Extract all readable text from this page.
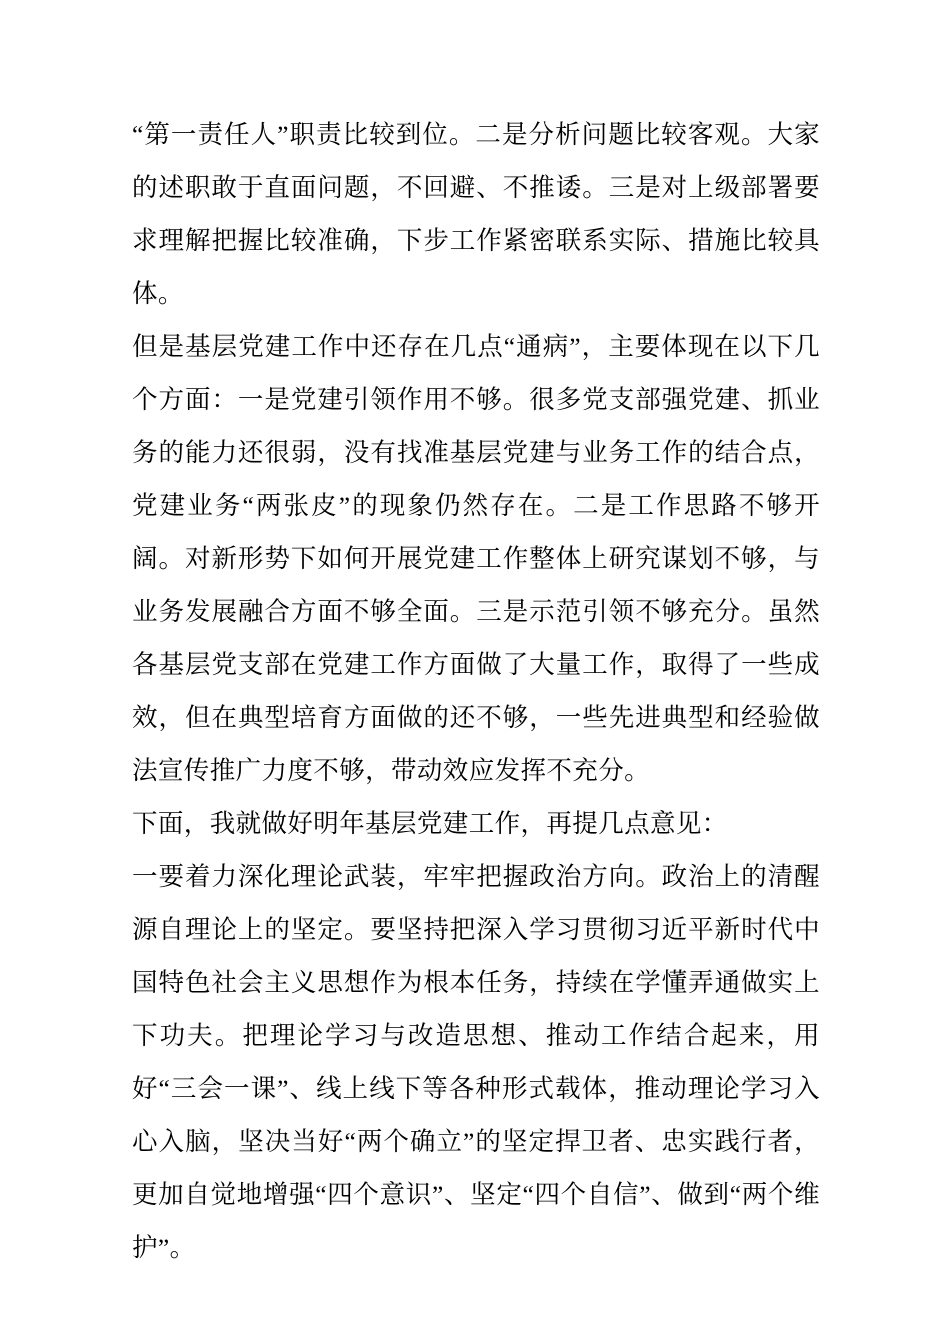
“第一责任人”职责比较到位。二是分析问题比较客观。大家的述职敢于直面问题，不回避、不推诿。三是对上级部署要求理解把握比较准确，下步工作紧密联系实际、措施比较具体。

但是基层党建工作中还存在几点“通病”，主要体现在以下几个方面：一是党建引领作用不够。很多党支部强党建、抓业务的能力还很弱，没有找准基层党建与业务工作的结合点，党建业务“两张皮”的现象仍然存在。二是工作思路不够开阔。对新形势下如何开展党建工作整体上研究谋划不够，与业务发展融合方面不够全面。三是示范引领不够充分。虽然各基层党支部在党建工作方面做了大量工作，取得了一些成效，但在典型培育方面做的还不够，一些先进典型和经验做法宣传推广力度不够，带动效应发挥不充分。

下面，我就做好明年基层党建工作，再提几点意见：

一要着力深化理论武装，牢牢把握政治方向。政治上的清醒源自理论上的坚定。要坚持把深入学习贯彻习近平新时代中国特色社会主义思想作为根本任务，持续在学懂弄通做实上下功夫。把理论学习与改造思想、推动工作结合起来，用好“三会一课”、线上线下等各种形式载体，推动理论学习入心入脑，坚决当好“两个确立”的坚定捍卫者、忠实践行者，更加自觉地增强“四个意识”、坚定“四个自信”、做到“两个维护”。
